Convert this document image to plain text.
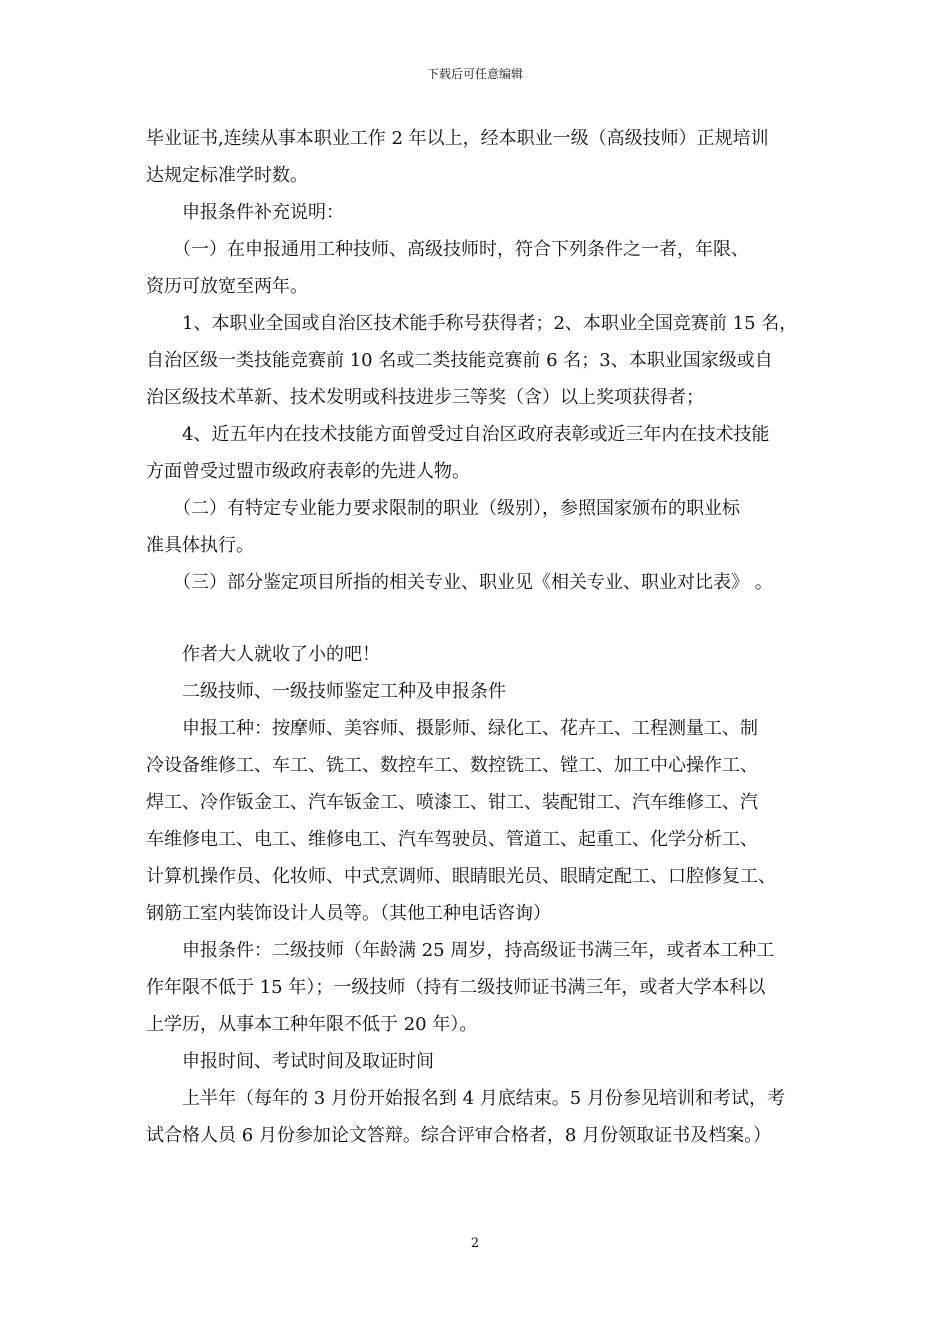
下载后可任意编辑

毕业证书,连续从事本职业工作 2 年以上，经本职业一级（高级技师）正规培训

达规定标准学时数。

　　申报条件补充说明：

　　（一）在申报通用工种技师、高级技师时，符合下列条件之一者，年限、

资历可放宽至两年。

　　1、本职业全国或自治区技术能手称号获得者；2、本职业全国竞赛前 15 名，

自治区级一类技能竞赛前 10 名或二类技能竞赛前 6 名；3、本职业国家级或自

治区级技术革新、技术发明或科技进步三等奖（含）以上奖项获得者；

　　4、近五年内在技术技能方面曾受过自治区政府表彰或近三年内在技术技能

方面曾受过盟市级政府表彰的先进人物。

　　（二）有特定专业能力要求限制的职业（级别），参照国家颁布的职业标

准具体执行。

　　（三）部分鉴定项目所指的相关专业、职业见《相关专业、职业对比表》 。

　　作者大人就收了小的吧！

　　二级技师、一级技师鉴定工种及申报条件

　　申报工种：按摩师、美容师、摄影师、绿化工、花卉工、工程测量工、制

冷设备维修工、车工、铣工、数控车工、数控铣工、镗工、加工中心操作工、

焊工、冷作钣金工、汽车钣金工、喷漆工、钳工、装配钳工、汽车维修工、汽

车维修电工、电工、维修电工、汽车驾驶员、管道工、起重工、化学分析工、

计算机操作员、化妆师、中式烹调师、眼睛眼光员、眼睛定配工、口腔修复工、

钢筋工室内装饰设计人员等。（其他工种电话咨询）

　　申报条件：二级技师（年龄满 25 周岁，持高级证书满三年，或者本工种工

作年限不低于 15 年）；一级技师（持有二级技师证书满三年，或者大学本科以

上学历，从事本工种年限不低于 20 年）。

　　申报时间、考试时间及取证时间

　　上半年（每年的 3 月份开始报名到 4 月底结束。5 月份参见培训和考试，考

试合格人员 6 月份参加论文答辩。综合评审合格者，8 月份领取证书及档案。）

2
